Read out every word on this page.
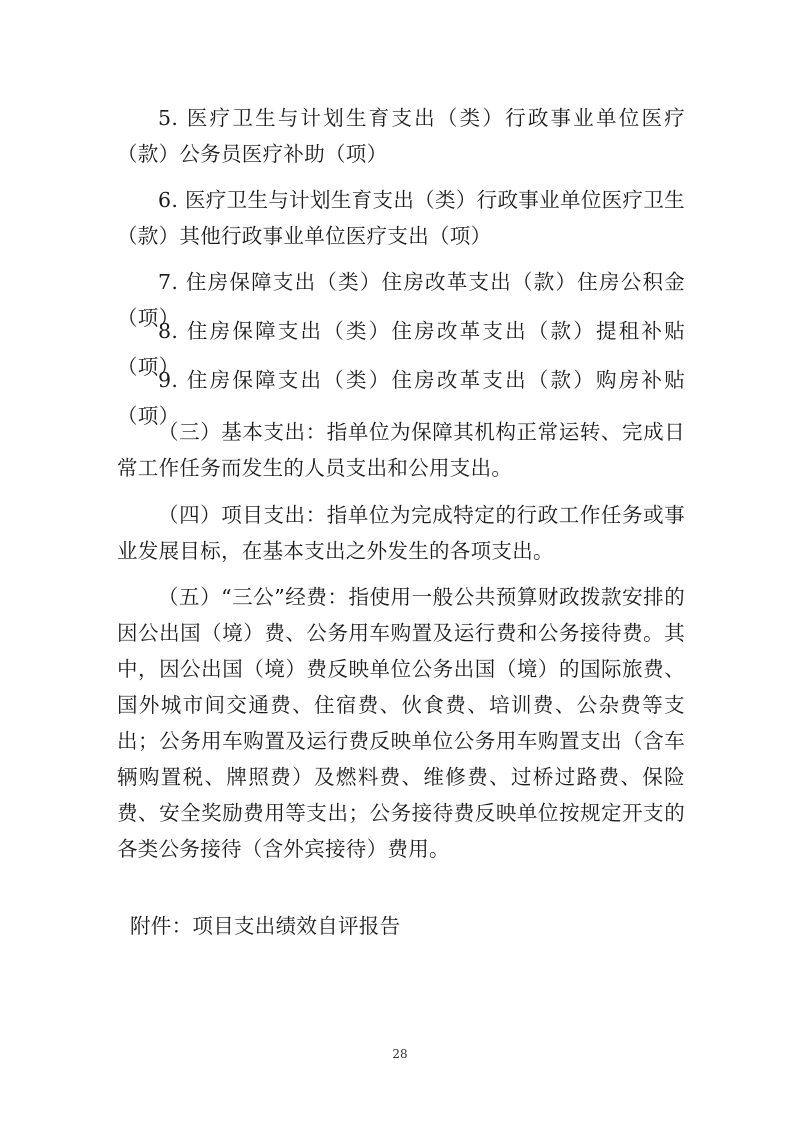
5. 医疗卫生与计划生育支出（类）行政事业单位医疗（款）公务员医疗补助（项）

6. 医疗卫生与计划生育支出（类）行政事业单位医疗卫生（款）其他行政事业单位医疗支出（项）

7. 住房保障支出（类）住房改革支出（款）住房公积金（项）

8. 住房保障支出（类）住房改革支出（款）提租补贴（项）

9. 住房保障支出（类）住房改革支出（款）购房补贴（项）

（三）基本支出：指单位为保障其机构正常运转、完成日常工作任务而发生的人员支出和公用支出。

（四）项目支出：指单位为完成特定的行政工作任务或事业发展目标，在基本支出之外发生的各项支出。

（五）“三公”经费：指使用一般公共预算财政拨款安排的因公出国（境）费、公务用车购置及运行费和公务接待费。其中，因公出国（境）费反映单位公务出国（境）的国际旅费、国外城市间交通费、住宿费、伙食费、培训费、公杂费等支出；公务用车购置及运行费反映单位公务用车购置支出（含车辆购置税、牌照费）及燃料费、维修费、过桥过路费、保险费、安全奖励费用等支出；公务接待费反映单位按规定开支的各类公务接待（含外宾接待）费用。

附件：项目支出绩效自评报告

28
